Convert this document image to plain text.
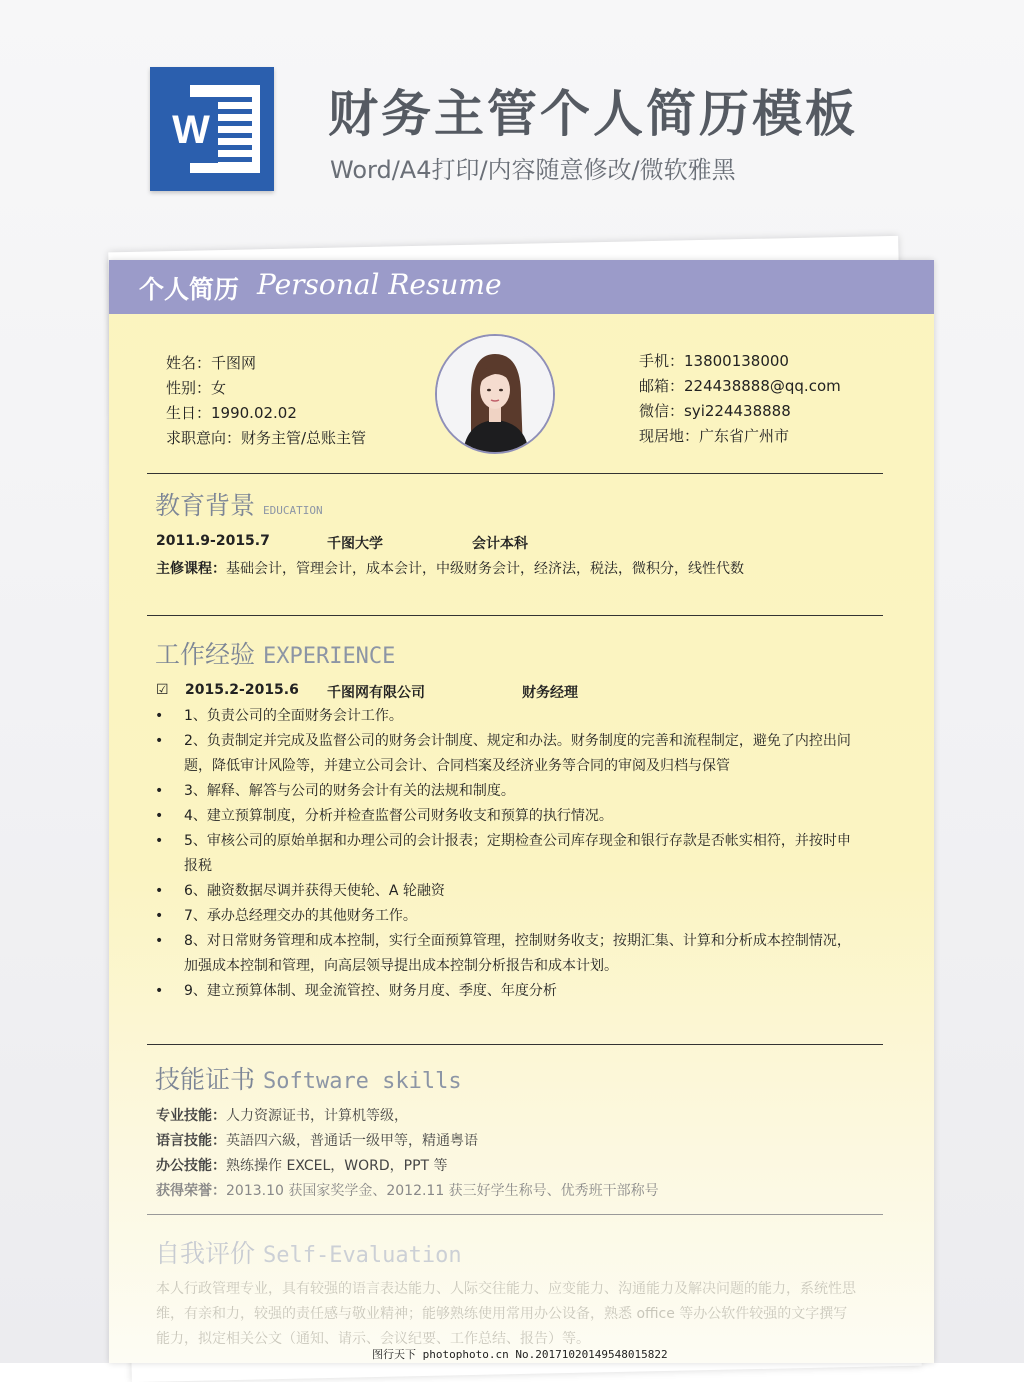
W 财务主管个人简历模板
Word/A4打印/内容随意修改/微软雅黑
个人简历 Personal Resume
姓名：千图网
性别：女
生日：1990.02.02
求职意向：财务主管/总账主管
手机：13800138000
邮箱：224438888@qq.com
微信：syi224438888
现居地：广东省广州市
教育背景 EDUCATION
2011.9-2015.7	千图大学	会计本科
主修课程：基础会计，管理会计，成本会计，中级财务会计，经济法，税法，微积分，线性代数
工作经验 EXPERIENCE
☑ 2015.2-2015.6 千图网有限公司	财务经理
•	1、负责公司的全面财务会计工作。
•	2、负责制定并完成及监督公司的财务会计制度、规定和办法。财务制度的完善和流程制定，避免了内控出问题，降低审计风险等，并建立公司会计、合同档案及经济业务等合同的审阅及归档与保管
•	3、解释、解答与公司的财务会计有关的法规和制度。
•	4、建立预算制度，分析并检查监督公司财务收支和预算的执行情况。
•	5、审核公司的原始单据和办理公司的会计报表；定期检查公司库存现金和银行存款是否帐实相符，并按时申报税
•	6、融资数据尽调并获得天使轮、A 轮融资
•	7、承办总经理交办的其他财务工作。
•	8、对日常财务管理和成本控制，实行全面预算管理，控制财务收支；按期汇集、计算和分析成本控制情况，加强成本控制和管理，向高层领导提出成本控制分析报告和成本计划。
•	9、建立预算体制、现金流管控、财务月度、季度、年度分析
技能证书 Software skills
专业技能：人力资源证书，计算机等级，
语言技能：英語四六級，普通话一级甲等，精通粤语
办公技能：熟练操作 EXCEL，WORD，PPT 等
获得荣誉：2013.10 获国家奖学金、2012.11 获三好学生称号、优秀班干部称号
自我评价 Self-Evaluation
本人行政管理专业，具有较强的语言表达能力、人际交往能力、应变能力、沟通能力及解决问题的能力，系统性思维，有亲和力，较强的责任感与敬业精神；能够熟练使用常用办公设备，熟悉 office 等办公软件较强的文字撰写能力，拟定相关公文（通知、请示、会议纪要、工作总结、报告）等。
图行天下 photophoto.cn No.20171020149548015822
